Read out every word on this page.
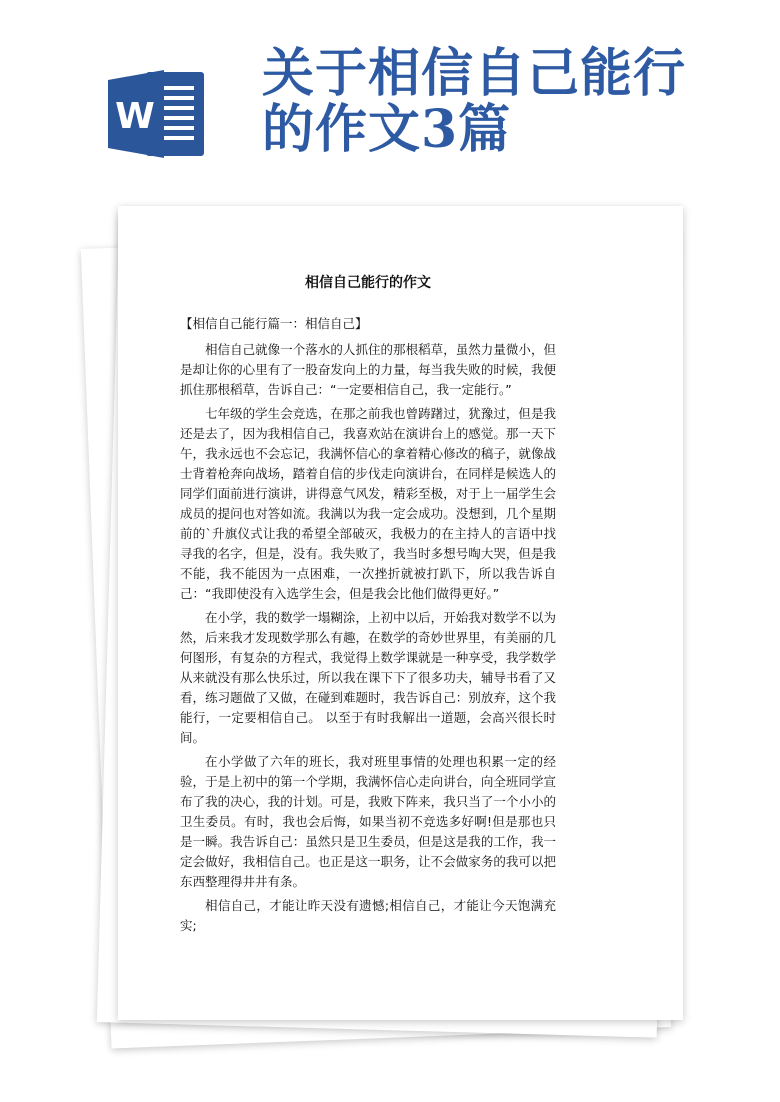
W
关于相信自己能行
的作文3篇
相信自己能行的作文
【相信自己能行篇一：相信自己】

相信自己就像一个落水的人抓住的那根稻草，虽然力量微小，但是却让你的心里有了一股奋发向上的力量，每当我失败的时候，我便抓住那根稻草，告诉自己：“一定要相信自己，我一定能行。”

七年级的学生会竞选，在那之前我也曾踌躇过，犹豫过，但是我还是去了，因为我相信自己，我喜欢站在演讲台上的感觉。那一天下午，我永远也不会忘记，我满怀信心的拿着精心修改的稿子，就像战士背着枪奔向战场，踏着自信的步伐走向演讲台，在同样是候选人的同学们面前进行演讲，讲得意气风发，精彩至极，对于上一届学生会成员的提问也对答如流。我满以为我一定会成功。没想到，几个星期前的`升旗仪式让我的希望全部破灭，我极力的在主持人的言语中找寻我的名字，但是，没有。我失败了，我当时多想号啕大哭，但是我不能，我不能因为一点困难，一次挫折就被打趴下，所以我告诉自己：“我即使没有入选学生会，但是我会比他们做得更好。”

在小学，我的数学一塌糊涂，上初中以后，开始我对数学不以为然，后来我才发现数学那么有趣，在数学的奇妙世界里，有美丽的几何图形，有复杂的方程式，我觉得上数学课就是一种享受，我学数学从来就没有那么快乐过，所以我在课下下了很多功夫，辅导书看了又看，练习题做了又做，在碰到难题时，我告诉自己：别放弃，这个我能行，一定要相信自己。 以至于有时我解出一道题，会高兴很长时间。

在小学做了六年的班长，我对班里事情的处理也积累一定的经验，于是上初中的第一个学期，我满怀信心走向讲台，向全班同学宣布了我的决心，我的计划。可是，我败下阵来，我只当了一个小小的卫生委员。有时，我也会后悔，如果当初不竞选多好啊!但是那也只是一瞬。我告诉自己：虽然只是卫生委员，但是这是我的工作，我一定会做好，我相信自己。也正是这一职务，让不会做家务的我可以把东西整理得井井有条。

相信自己，才能让昨天没有遗憾;相信自己，才能让今天饱满充实;
